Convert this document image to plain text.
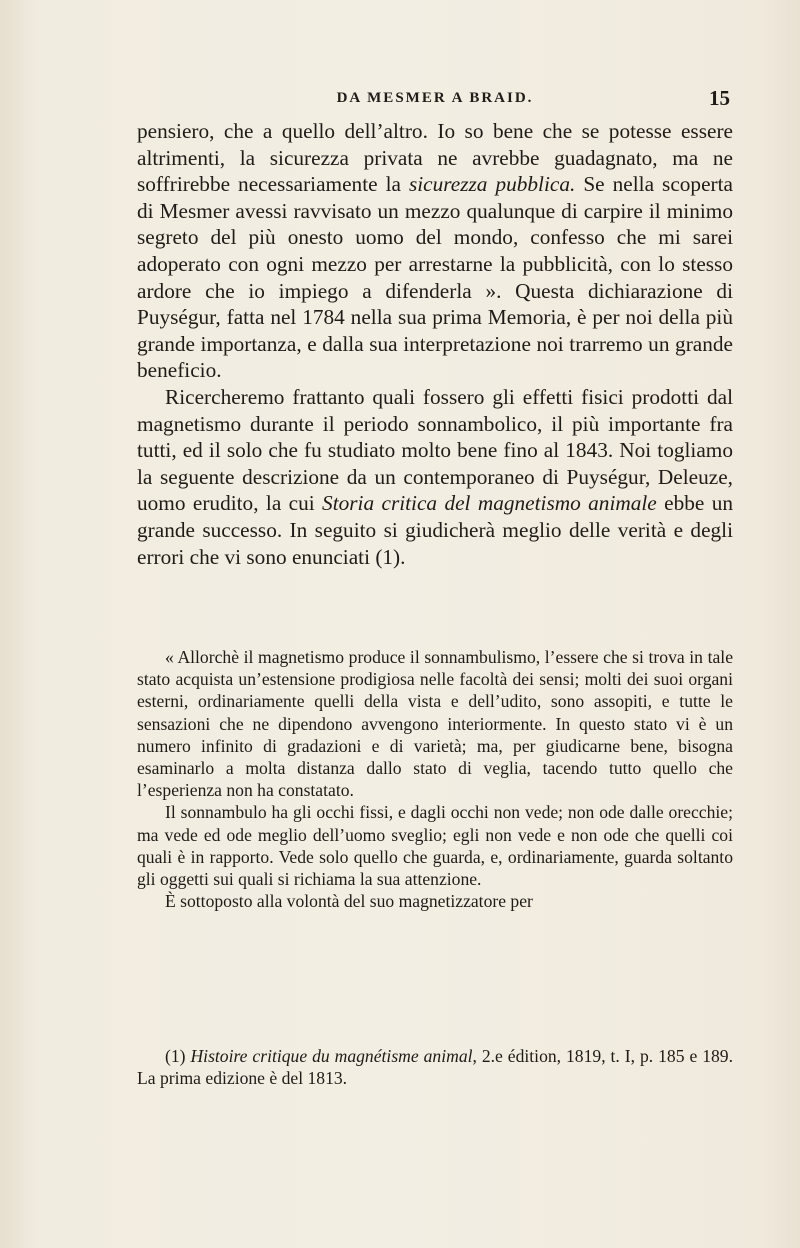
DA MESMER A BRAID.	15

pensiero, che a quello dell’altro. Io so bene che se potesse essere altrimenti, la sicurezza privata ne avrebbe guadagnato, ma ne soffrirebbe necessariamente la sicurezza pubblica. Se nella scoperta di Mesmer avessi ravvisato un mezzo qualunque di carpire il minimo segreto del più onesto uomo del mondo, confesso che mi sarei adoperato con ogni mezzo per arrestarne la pubblicità, con lo stesso ardore che io impiego a difenderla ». Questa dichiarazione di Puységur, fatta nel 1784 nella sua prima Memoria, è per noi della più grande importanza, e dalla sua interpretazione noi trarremo un grande beneficio.

Ricercheremo frattanto quali fossero gli effetti fisici prodotti dal magnetismo durante il periodo sonnambolico, il più importante fra tutti, ed il solo che fu studiato molto bene fino al 1843. Noi togliamo la seguente descrizione da un contemporaneo di Puységur, Deleuze, uomo erudito, la cui Storia critica del magnetismo animale ebbe un grande successo. In seguito si giudicherà meglio delle verità e degli errori che vi sono enunciati (1).

« Allorchè il magnetismo produce il sonnambulismo, l’essere che si trova in tale stato acquista un’estensione prodigiosa nelle facoltà dei sensi; molti dei suoi organi esterni, ordinariamente quelli della vista e dell’udito, sono assopiti, e tutte le sensazioni che ne dipendono avvengono interiormente. In questo stato vi è un numero infinito di gradazioni e di varietà; ma, per giudicarne bene, bisogna esaminarlo a molta distanza dallo stato di veglia, tacendo tutto quello che l’esperienza non ha constatato.

Il sonnambulo ha gli occhi fissi, e dagli occhi non vede; non ode dalle orecchie; ma vede ed ode meglio dell’uomo sveglio; egli non vede e non ode che quelli coi quali è in rapporto. Vede solo quello che guarda, e, ordinariamente, guarda soltanto gli oggetti sui quali si richiama la sua attenzione.

È sottoposto alla volontà del suo magnetizzatore per

(1) Histoire critique du magnétisme animal, 2.e édition, 1819, t. I, p. 185 e 189. La prima edizione è del 1813.
